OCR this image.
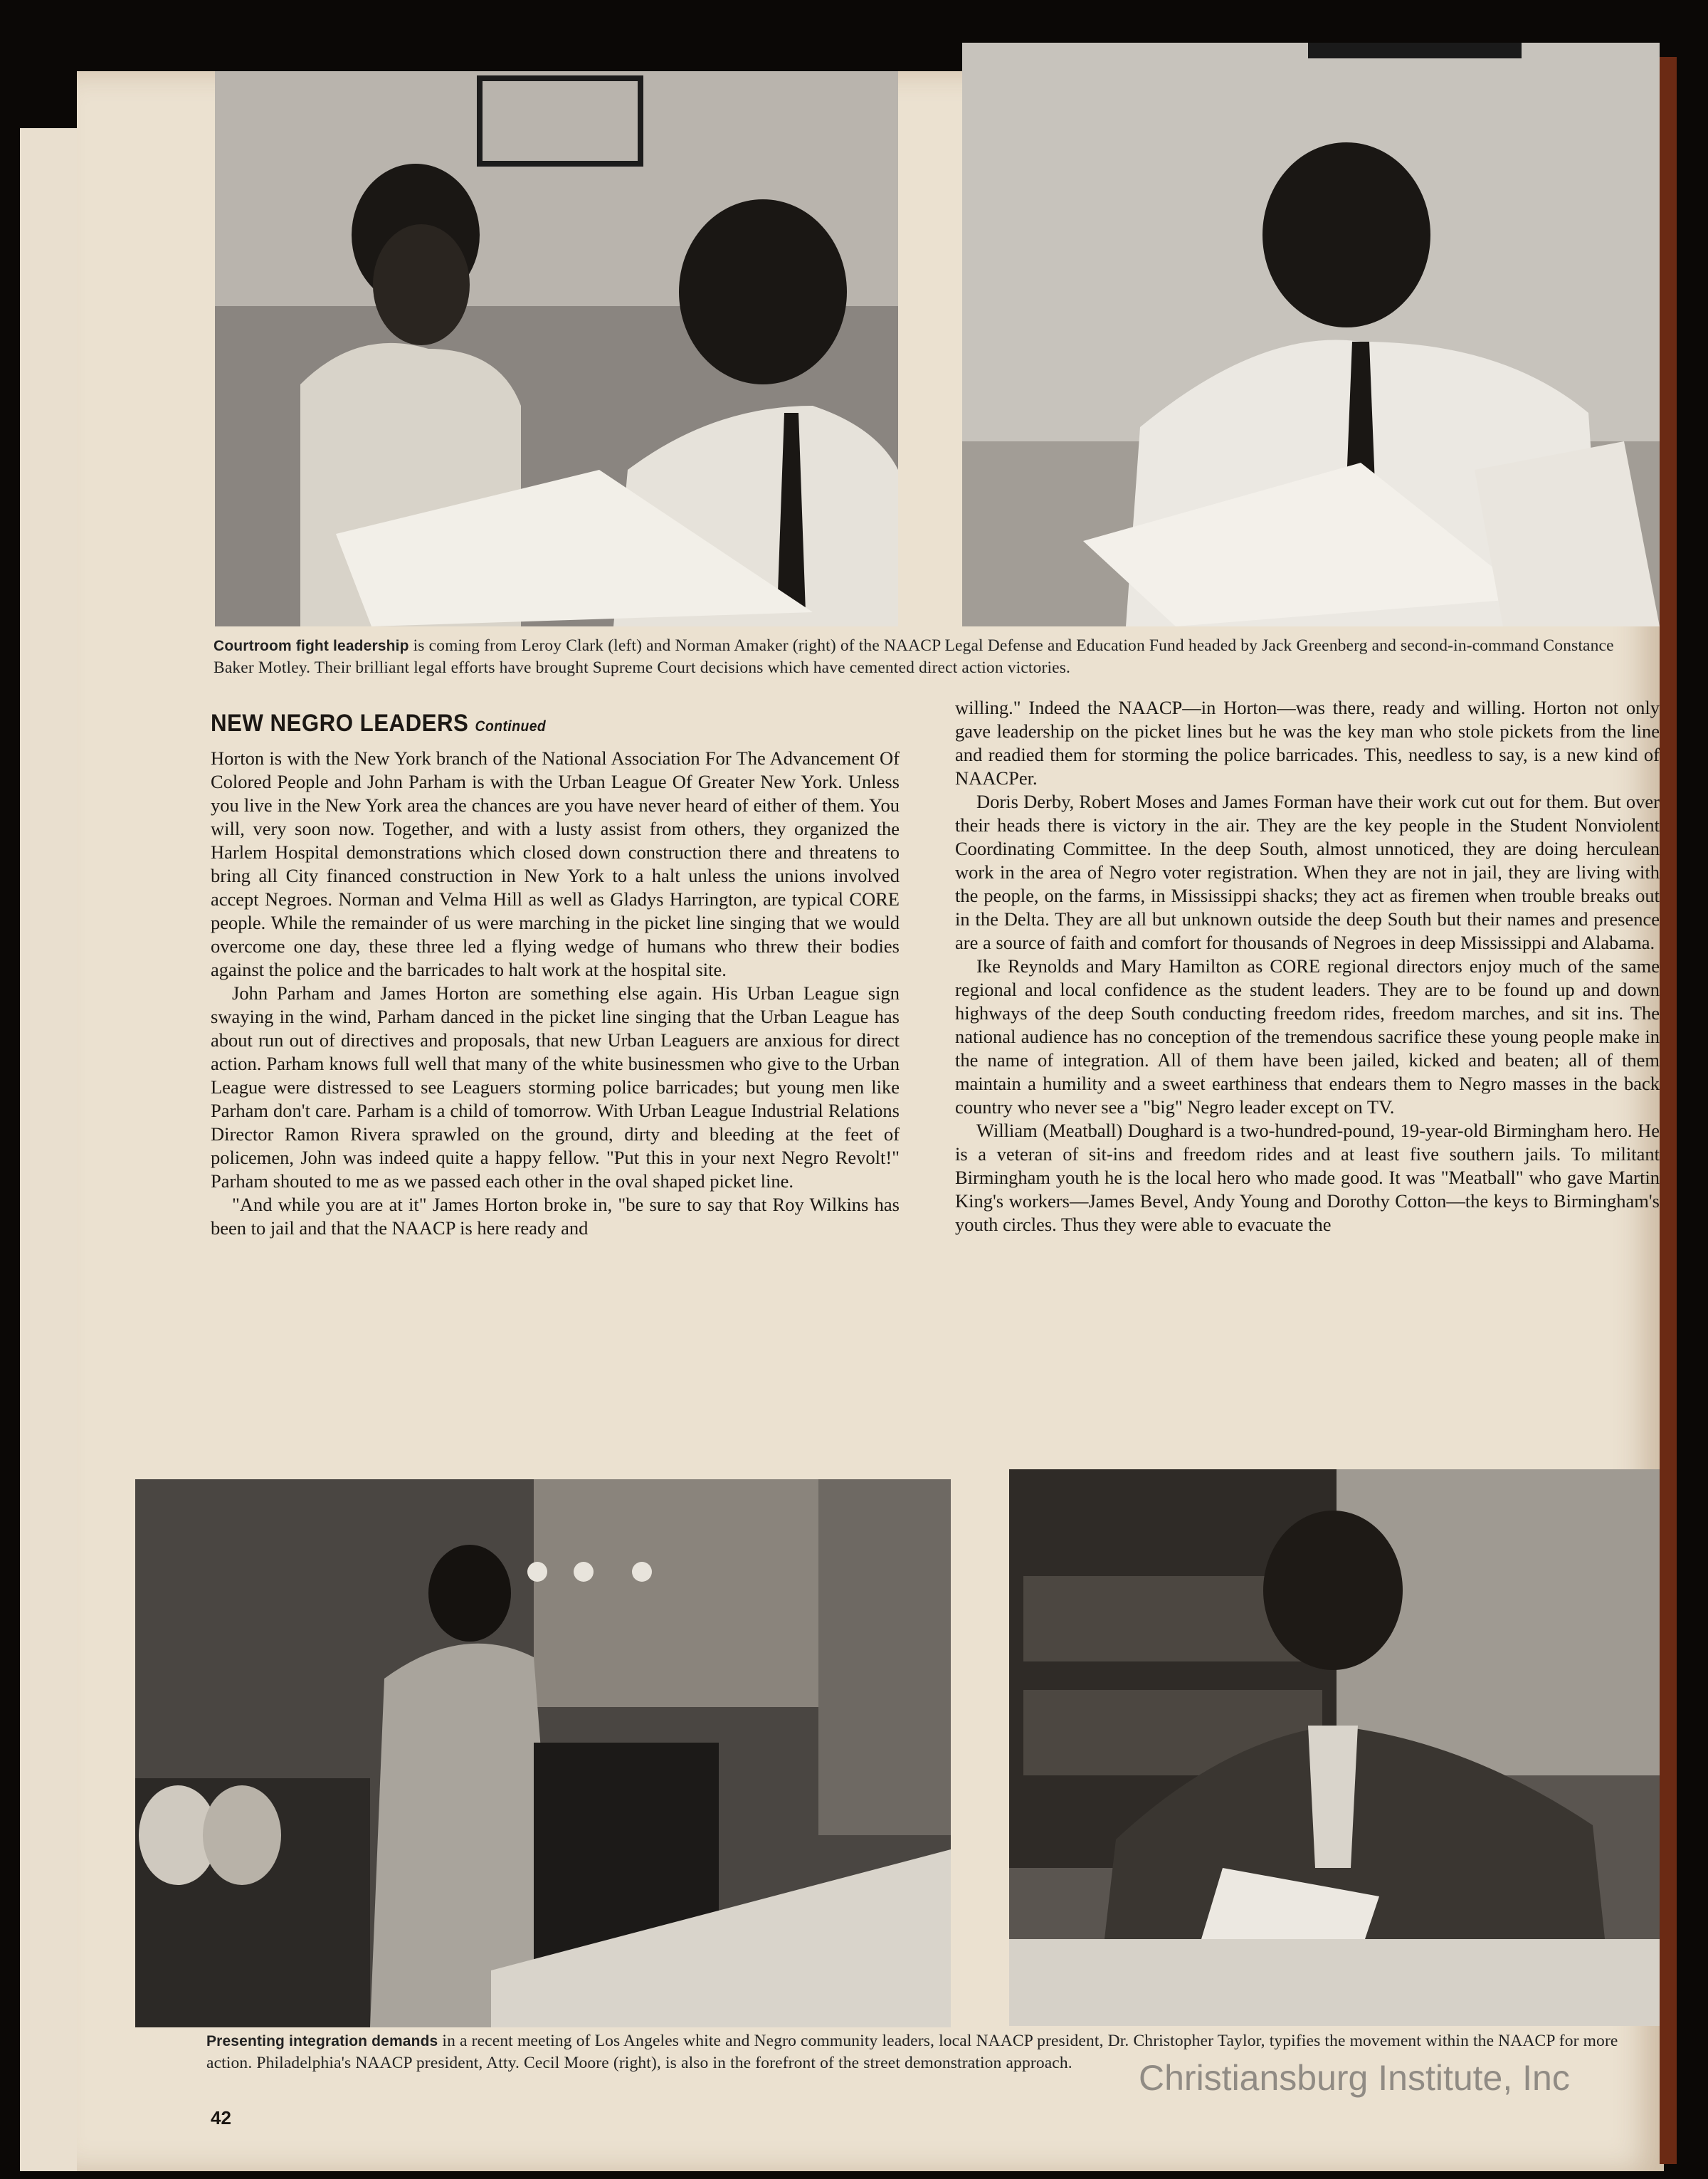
Courtroom fight leadership is coming from Leroy Clark (left) and Norman Amaker (right) of the NAACP Legal Defense and Education Fund headed by Jack Greenberg and second-in-command Constance Baker Motley. Their brilliant legal efforts have brought Supreme Court decisions which have cemented direct action victories.
NEW NEGRO LEADERS Continued

Horton is with the New York branch of the National Association For The Advancement Of Colored People and John Parham is with the Urban League Of Greater New York. Unless you live in the New York area the chances are you have never heard of either of them. You will, very soon now. Together, and with a lusty assist from others, they organized the Harlem Hospital demonstrations which closed down construction there and threatens to bring all City financed construction in New York to a halt unless the unions involved accept Negroes. Norman and Velma Hill as well as Gladys Harrington, are typical CORE people. While the remainder of us were marching in the picket line singing that we would overcome one day, these three led a flying wedge of humans who threw their bodies against the police and the barricades to halt work at the hospital site.

John Parham and James Horton are something else again. His Urban League sign swaying in the wind, Parham danced in the picket line singing that the Urban League has about run out of directives and proposals, that new Urban Leaguers are anxious for direct action. Parham knows full well that many of the white businessmen who give to the Urban League were distressed to see Leaguers storming police barricades; but young men like Parham don't care. Parham is a child of tomorrow. With Urban League Industrial Relations Director Ramon Rivera sprawled on the ground, dirty and bleeding at the feet of policemen, John was indeed quite a happy fellow. "Put this in your next Negro Revolt!" Parham shouted to me as we passed each other in the oval shaped picket line.

"And while you are at it" James Horton broke in, "be sure to say that Roy Wilkins has been to jail and that the NAACP is here ready and

willing." Indeed the NAACP—in Horton—was there, ready and willing. Horton not only gave leadership on the picket lines but he was the key man who stole pickets from the line and readied them for storming the police barricades. This, needless to say, is a new kind of NAACPer.

Doris Derby, Robert Moses and James Forman have their work cut out for them. But over their heads there is victory in the air. They are the key people in the Student Nonviolent Coordinating Committee. In the deep South, almost unnoticed, they are doing herculean work in the area of Negro voter registration. When they are not in jail, they are living with the people, on the farms, in Mississippi shacks; they act as firemen when trouble breaks out in the Delta. They are all but unknown outside the deep South but their names and presence are a source of faith and comfort for thousands of Negroes in deep Mississippi and Alabama.

Ike Reynolds and Mary Hamilton as CORE regional directors enjoy much of the same regional and local confidence as the student leaders. They are to be found up and down highways of the deep South conducting freedom rides, freedom marches, and sit ins. The national audience has no conception of the tremendous sacrifice these young people make in the name of integration. All of them have been jailed, kicked and beaten; all of them maintain a humility and a sweet earthiness that endears them to Negro masses in the back country who never see a "big" Negro leader except on TV.

William (Meatball) Doughard is a two-hundred-pound, 19-year-old Birmingham hero. He is a veteran of sit-ins and freedom rides and at least five southern jails. To militant Birmingham youth he is the local hero who made good. It was "Meatball" who gave Martin King's workers—James Bevel, Andy Young and Dorothy Cotton—the keys to Birmingham's youth circles. Thus they were able to evacuate the

Presenting integration demands in a recent meeting of Los Angeles white and Negro community leaders, local NAACP president, Dr. Christopher Taylor, typifies the movement within the NAACP for more action. Philadelphia's NAACP president, Atty. Cecil Moore (right), is also in the forefront of the street demonstration approach.
42
Christiansburg Institute, Inc
